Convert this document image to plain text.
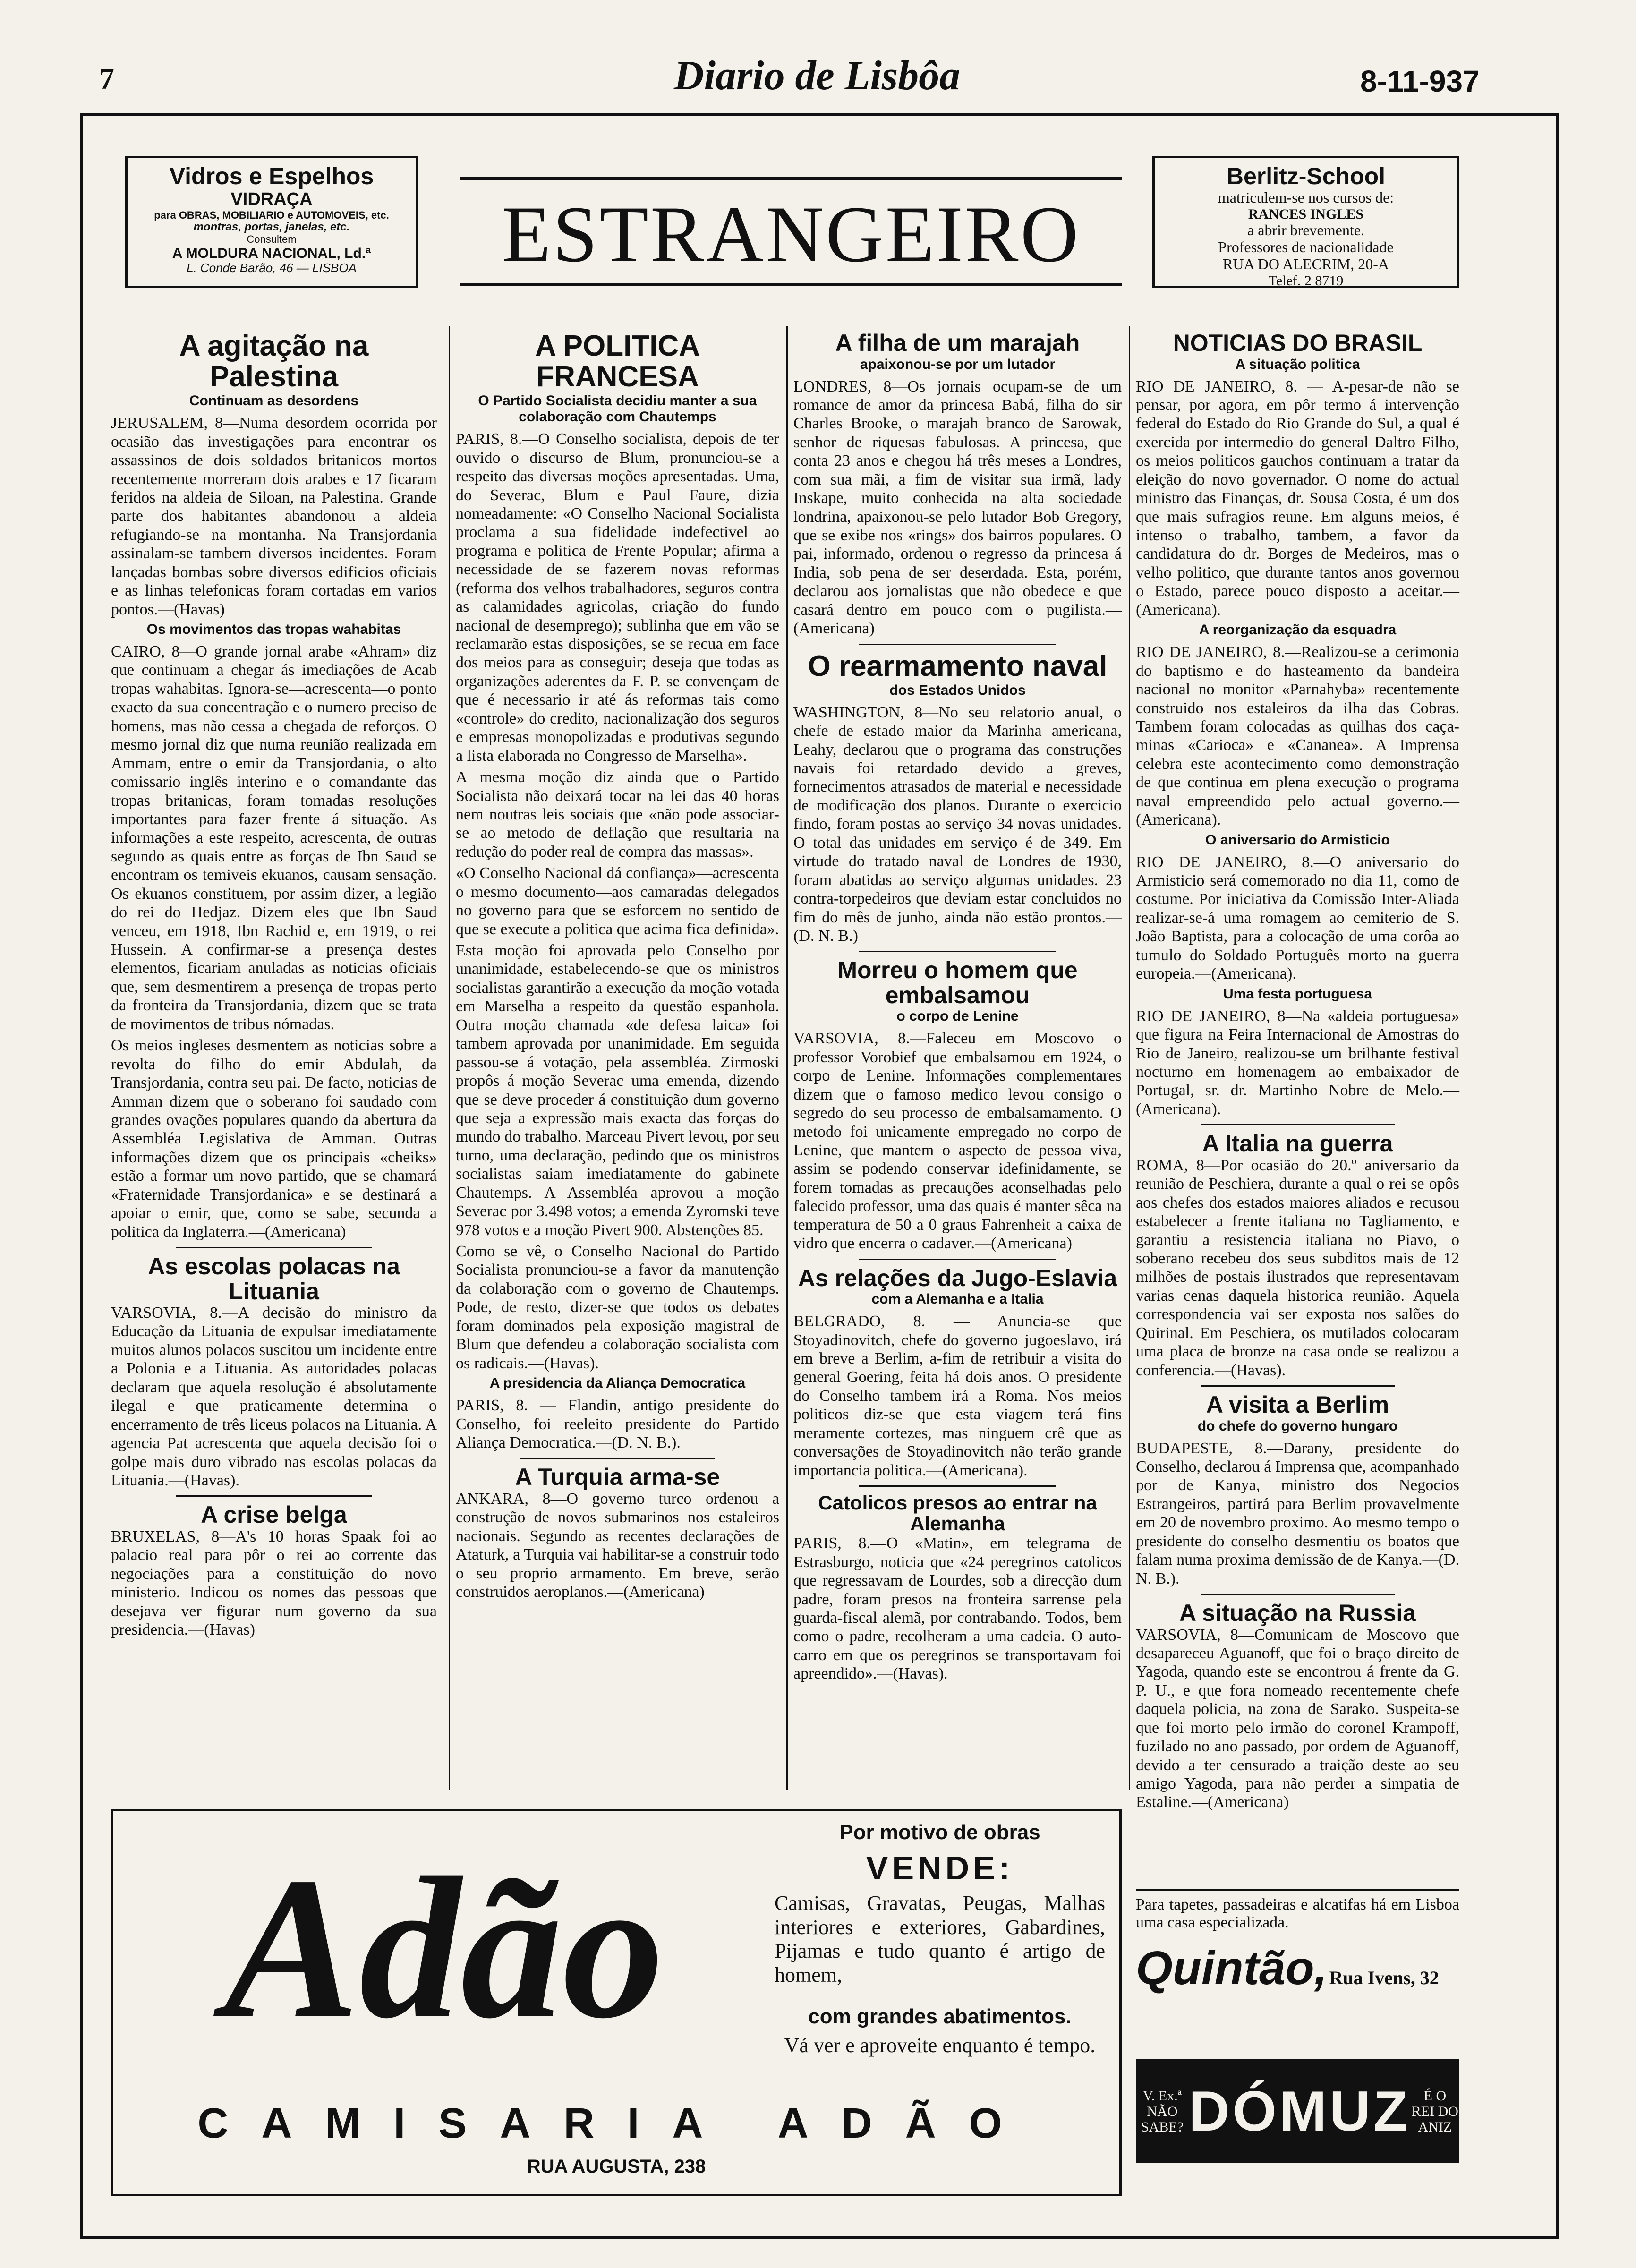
7	Diario de Lisbôa	8-11-937
Vidros e Espelhos
VIDRAÇA
para OBRAS, MOBILIARIO e AUTOMOVEIS, etc.
montras, portas, janelas, etc.
Consultem
A MOLDURA NACIONAL, Ld.ª
L. Conde Barão, 46 — LISBOA	ESTRANGEIRO
Berlitz-School
matriculem-se nos cursos de:
RANCES INGLES
a abrir brevemente.
Professores de nacionalidade
RUA DO ALECRIM, 20-A
Telef. 2 8719
A agitação na Palestina
Continuam as desordens

JERUSALEM, 8—Numa desordem ocorrida por ocasião das investigações para encontrar os assassinos de dois soldados britanicos mortos recentemente morreram dois arabes e 17 ficaram feridos na aldeia de Siloan, na Palestina. Grande parte dos habitantes abandonou a aldeia refugiando-se na montanha. Na Transjordania assinalam-se tambem diversos incidentes. Foram lançadas bombas sobre diversos edificios oficiais e as linhas telefonicas foram cortadas em varios pontos.—(Havas)

Os movimentos das tropas wahabitas

CAIRO, 8—O grande jornal arabe «Ahram» diz que continuam a chegar ás imediações de Acab tropas wahabitas. Ignora-se—acrescenta—o ponto exacto da sua concentração e o numero preciso de homens, mas não cessa a chegada de reforços. O mesmo jornal diz que numa reunião realizada em Ammam, entre o emir da Transjordania, o alto comissario inglês interino e o comandante das tropas britanicas, foram tomadas resoluções importantes para fazer frente á situação. As informações a este respeito, acrescenta, de outras segundo as quais entre as forças de Ibn Saud se encontram os temiveis ekuanos, causam sensação. Os ekuanos constituem, por assim dizer, a legião do rei do Hedjaz. Dizem eles que Ibn Saud venceu, em 1918, Ibn Rachid e, em 1919, o rei Hussein. A confirmar-se a presença destes elementos, ficariam anuladas as noticias oficiais que, sem desmentirem a presença de tropas perto da fronteira da Transjordania, dizem que se trata de movimentos de tribus nómadas.

Os meios ingleses desmentem as noticias sobre a revolta do filho do emir Abdulah, da Transjordania, contra seu pai. De facto, noticias de Amman dizem que o soberano foi saudado com grandes ovações populares quando da abertura da Assembléa Legislativa de Amman. Outras informações dizem que os principais «cheiks» estão a formar um novo partido, que se chamará «Fraternidade Transjordanica» e se destinará a apoiar o emir, que, como se sabe, secunda a politica da Inglaterra.—(Americana)

As escolas polacas na Lituania

VARSOVIA, 8.—A decisão do ministro da Educação da Lituania de expulsar imediatamente muitos alunos polacos suscitou um incidente entre a Polonia e a Lituania. As autoridades polacas declaram que aquela resolução é absolutamente ilegal e que praticamente determina o encerramento de três liceus polacos na Lituania. A agencia Pat acrescenta que aquela decisão foi o golpe mais duro vibrado nas escolas polacas da Lituania.—(Havas).

A crise belga

BRUXELAS, 8—A's 10 horas Spaak foi ao palacio real para pôr o rei ao corrente das negociações para a constituição do novo ministerio. Indicou os nomes das pessoas que desejava ver figurar num governo da sua presidencia.—(Havas)

A POLITICA FRANCESA
O Partido Socialista decidiu manter a sua colaboração com Chautemps

PARIS, 8.—O Conselho socialista, depois de ter ouvido o discurso de Blum, pronunciou-se a respeito das diversas moções apresentadas. Uma, do Severac, Blum e Paul Faure, dizia nomeadamente: «O Conselho Nacional Socialista proclama a sua fidelidade indefectivel ao programa e politica de Frente Popular; afirma a necessidade de se fazerem novas reformas (reforma dos velhos trabalhadores, seguros contra as calamidades agricolas, criação do fundo nacional de desemprego); sublinha que em vão se reclamarão estas disposições, se se recua em face dos meios para as conseguir; deseja que todas as organizações aderentes da F. P. se convençam de que é necessario ir até ás reformas tais como «controle» do credito, nacionalização dos seguros e empresas monopolizadas e produtivas segundo a lista elaborada no Congresso de Marselha».

A mesma moção diz ainda que o Partido Socialista não deixará tocar na lei das 40 horas nem noutras leis sociais que «não pode associar-se ao metodo de deflação que resultaria na redução do poder real de compra das massas».

«O Conselho Nacional dá confiança»—acrescenta o mesmo documento—aos camaradas delegados no governo para que se esforcem no sentido de que se execute a politica que acima fica definida».

Esta moção foi aprovada pelo Conselho por unanimidade, estabelecendo-se que os ministros socialistas garantirão a execução da moção votada em Marselha a respeito da questão espanhola. Outra moção chamada «de defesa laica» foi tambem aprovada por unanimidade. Em seguida passou-se á votação, pela assembléa. Zirmoski propôs á moção Severac uma emenda, dizendo que se deve proceder á constituição dum governo que seja a expressão mais exacta das forças do mundo do trabalho. Marceau Pivert levou, por seu turno, uma declaração, pedindo que os ministros socialistas saiam imediatamente do gabinete Chautemps. A Assembléa aprovou a moção Severac por 3.498 votos; a emenda Zyromski teve 978 votos e a moção Pivert 900. Abstenções 85.

Como se vê, o Conselho Nacional do Partido Socialista pronunciou-se a favor da manutenção da colaboração com o governo de Chautemps. Pode, de resto, dizer-se que todos os debates foram dominados pela exposição magistral de Blum que defendeu a colaboração socialista com os radicais.—(Havas).

A presidencia da Aliança Democratica

PARIS, 8. — Flandin, antigo presidente do Conselho, foi reeleito presidente do Partido Aliança Democratica.—(D. N. B.).

A Turquia arma-se

ANKARA, 8—O governo turco ordenou a construção de novos submarinos nos estaleiros nacionais. Segundo as recentes declarações de Ataturk, a Turquia vai habilitar-se a construir todo o seu proprio armamento. Em breve, serão construidos aeroplanos.—(Americana)

A filha de um marajah
apaixonou-se por um lutador

LONDRES, 8—Os jornais ocupam-se de um romance de amor da princesa Babá, filha do sir Charles Brooke, o marajah branco de Sarowak, senhor de riquesas fabulosas. A princesa, que conta 23 anos e chegou há três meses a Londres, com sua mãi, a fim de visitar sua irmã, lady Inskape, muito conhecida na alta sociedade londrina, apaixonou-se pelo lutador Bob Gregory, que se exibe nos «rings» dos bairros populares. O pai, informado, ordenou o regresso da princesa á India, sob pena de ser deserdada. Esta, porém, declarou aos jornalistas que não obedece e que casará dentro em pouco com o pugilista.—(Americana)

O rearmamento naval
dos Estados Unidos

WASHINGTON, 8—No seu relatorio anual, o chefe de estado maior da Marinha americana, Leahy, declarou que o programa das construções navais foi retardado devido a greves, fornecimentos atrasados de material e necessidade de modificação dos planos. Durante o exercicio findo, foram postas ao serviço 34 novas unidades. O total das unidades em serviço é de 349. Em virtude do tratado naval de Londres de 1930, foram abatidas ao serviço algumas unidades. 23 contra-torpedeiros que deviam estar concluidos no fim do mês de junho, ainda não estão prontos.—(D. N. B.)

Morreu o homem que embalsamou
o corpo de Lenine

VARSOVIA, 8.—Faleceu em Moscovo o professor Vorobief que embalsamou em 1924, o corpo de Lenine. Informações complementares dizem que o famoso medico levou consigo o segredo do seu processo de embalsamamento. O metodo foi unicamente empregado no corpo de Lenine, que mantem o aspecto de pessoa viva, assim se podendo conservar idefinidamente, se forem tomadas as precauções aconselhadas pelo falecido professor, uma das quais é manter sêca na temperatura de 50 a 0 graus Fahrenheit a caixa de vidro que encerra o cadaver.—(Americana)

As relações da Jugo-Eslavia
com a Alemanha e a Italia

BELGRADO, 8. — Anuncia-se que Stoyadinovitch, chefe do governo jugoeslavo, irá em breve a Berlim, a-fim de retribuir a visita do general Goering, feita há dois anos. O presidente do Conselho tambem irá a Roma. Nos meios politicos diz-se que esta viagem terá fins meramente cortezes, mas ninguem crê que as conversações de Stoyadinovitch não terão grande importancia politica.—(Americana).

Catolicos presos ao entrar na Alemanha

PARIS, 8.—O «Matin», em telegrama de Estrasburgo, noticia que «24 peregrinos catolicos que regressavam de Lourdes, sob a direcção dum padre, foram presos na fronteira sarrense pela guarda-fiscal alemã, por contrabando. Todos, bem como o padre, recolheram a uma cadeia. O auto-carro em que os peregrinos se transportavam foi apreendido».—(Havas).

NOTICIAS DO BRASIL
A situação politica

RIO DE JANEIRO, 8. — A-pesar-de não se pensar, por agora, em pôr termo á intervenção federal do Estado do Rio Grande do Sul, a qual é exercida por intermedio do general Daltro Filho, os meios politicos gauchos continuam a tratar da eleição do novo governador. O nome do actual ministro das Finanças, dr. Sousa Costa, é um dos que mais sufragios reune. Em alguns meios, é intenso o trabalho, tambem, a favor da candidatura do dr. Borges de Medeiros, mas o velho politico, que durante tantos anos governou o Estado, parece pouco disposto a aceitar.—(Americana).

A reorganização da esquadra

RIO DE JANEIRO, 8.—Realizou-se a cerimonia do baptismo e do hasteamento da bandeira nacional no monitor «Parnahyba» recentemente construido nos estaleiros da ilha das Cobras. Tambem foram colocadas as quilhas dos caça-minas «Carioca» e «Cananea». A Imprensa celebra este acontecimento como demonstração de que continua em plena execução o programa naval empreendido pelo actual governo.—(Americana).

O aniversario do Armisticio

RIO DE JANEIRO, 8.—O aniversario do Armisticio será comemorado no dia 11, como de costume. Por iniciativa da Comissão Inter-Aliada realizar-se-á uma romagem ao cemiterio de S. João Baptista, para a colocação de uma corôa ao tumulo do Soldado Português morto na guerra europeia.—(Americana).

Uma festa portuguesa

RIO DE JANEIRO, 8—Na «aldeia portuguesa» que figura na Feira Internacional de Amostras do Rio de Janeiro, realizou-se um brilhante festival nocturno em homenagem ao embaixador de Portugal, sr. dr. Martinho Nobre de Melo.—(Americana).

A Italia na guerra

ROMA, 8—Por ocasião do 20.º aniversario da reunião de Peschiera, durante a qual o rei se opôs aos chefes dos estados maiores aliados e recusou estabelecer a frente italiana no Tagliamento, e garantiu a resistencia italiana no Piavo, o soberano recebeu dos seus subditos mais de 12 milhões de postais ilustrados que representavam varias cenas daquela historica reunião. Aquela correspondencia vai ser exposta nos salões do Quirinal. Em Peschiera, os mutilados colocaram uma placa de bronze na casa onde se realizou a conferencia.—(Havas).

A visita a Berlim
do chefe do governo hungaro

BUDAPESTE, 8.—Darany, presidente do Conselho, declarou á Imprensa que, acompanhado por de Kanya, ministro dos Negocios Estrangeiros, partirá para Berlim provavelmente em 20 de novembro proximo. Ao mesmo tempo o presidente do conselho desmentiu os boatos que falam numa proxima demissão de de Kanya.—(D. N. B.).

A situação na Russia

VARSOVIA, 8—Comunicam de Moscovo que desapareceu Aguanoff, que foi o braço direito de Yagoda, quando este se encontrou á frente da G. P. U., e que fora nomeado recentemente chefe daquela policia, na zona de Sarako. Suspeita-se que foi morto pelo irmão do coronel Krampoff, fuzilado no ano passado, por ordem de Aguanoff, devido a ter censurado a traição deste ao seu amigo Yagoda, para não perder a simpatia de Estaline.—(Americana)

Adão
Por motivo de obras
VENDE:
Camisas, Gravatas, Peugas, Malhas interiores e exteriores, Gabardines, Pijamas e tudo quanto é artigo de homem,
com grandes abatimentos.
Vá ver e aproveite enquanto é tempo.
CAMISARIA ADÃO
RUA AUGUSTA, 238
Para tapetes, passadeiras e alcatifas há em Lisboa uma casa especializada.
Quintão, Rua Ivens, 32
V. Ex.ª NÃO SABE? DÓMUZ É O REI DO ANIZ
